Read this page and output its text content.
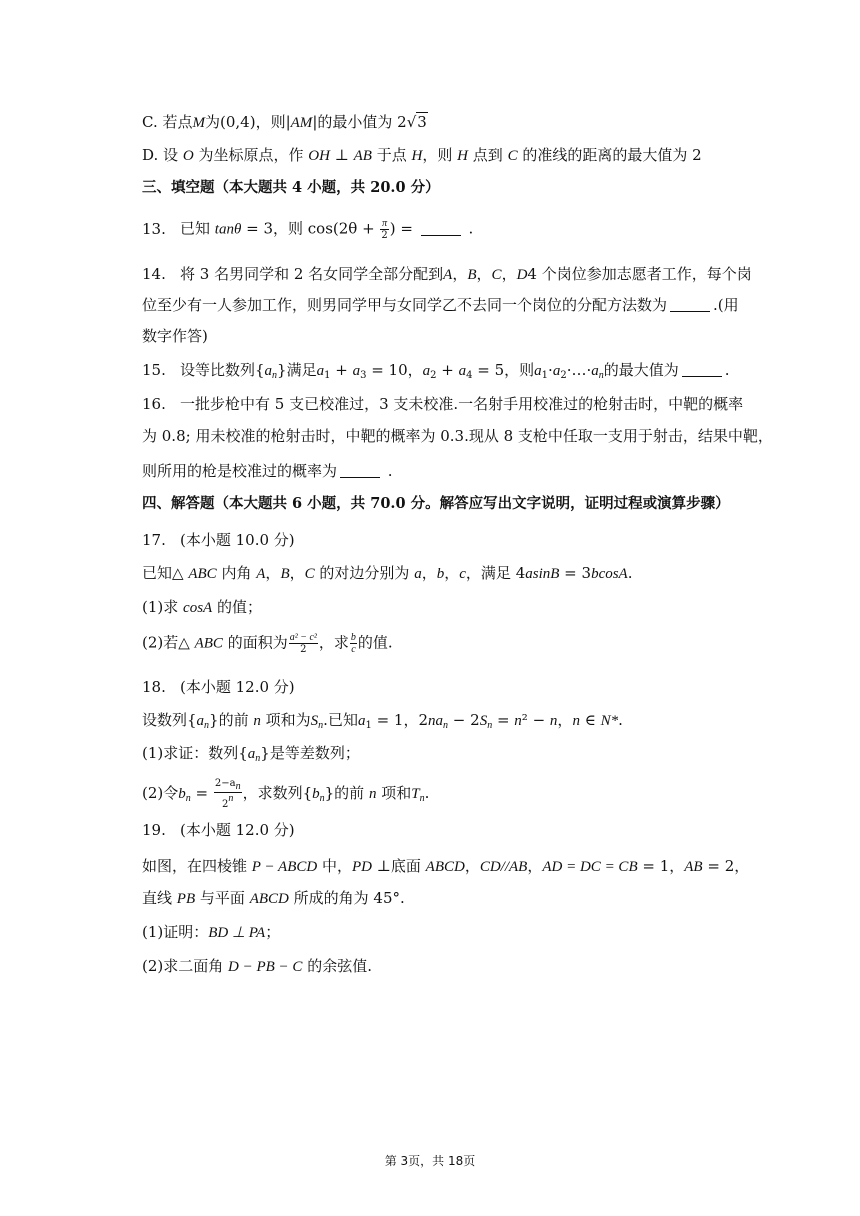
C. 若点M为(0,4)，则|AM|的最小值为 2√3
D. 设 O 为坐标原点，作 OH ⊥ AB 于点 H，则 H 点到 C 的准线的距离的最大值为 2
三、填空题（本大题共 4 小题，共 20.0 分）
13. 已知 tanθ = 3，则 $\cos(2\theta + \frac{\pi}{2}$ ) =	.
14. 将 3 名男同学和 2 名女同学全部分配到A，B，C，D4 个岗位参加志愿者工作，每个岗
位至少有一人参加工作，则男同学甲与女同学乙不去同一个岗位的分配方法数为	.(用
数字作答)
15. 设等比数列$\{a_n\}$满足$a_1 + a_3 = 10$，$a_2 + a_4 = 5$，则$a_1\cdot a_2\cdot\dots\cdot a_n$的最大值为	.
16. 一批步枪中有 5 支已校准过，3 支未校准.一名射手用校准过的枪射击时，中靶的概率
为 0.8; 用未校准的枪射击时，中靶的概率为 0.3.现从 8 支枪中任取一支用于射击，结果中靶，
则所用的枪是校准过的概率为	.
四、解答题（本大题共 6 小题，共 70.0 分。解答应写出文字说明，证明过程或演算步骤）
17. (本小题 10.0 分)
已知△ ABC 内角 A，B，C 的对边分别为 a，b，c，满足 4asinB = 3bcosA.
(1)求 cosA 的值；
(2)若△ ABC 的面积为 $\frac{\text{a² − c²}}{2}$ ，求 $\frac{b}{c}$ 的值.
18. (本小题 12.0 分)
设数列$\{a_n\}$的前 n 项和为$S_n$.已知$a_1 = 1$，$2na_n - 2S_n = n^2 - n$，n ∈ N*.
(1)求证：数列$\{a_n\}$是等差数列；
(2)令$b_n = \frac{2-an}{2n}$ ，求数列$\{b_n\}$的前 n 项和$T_n$.
19. (本小题 12.0 分)
如图，在四棱锥 P − ABCD 中，PD ⊥底面 ABCD，CD//AB，AD = DC = CB = 1，AB = 2，
直线 PB 与平面 ABCD 所成的角为 45°.
(1)证明：BD ⊥ PA；
(2)求二面角 D − PB − C 的余弦值.
第 3页，共 18页
